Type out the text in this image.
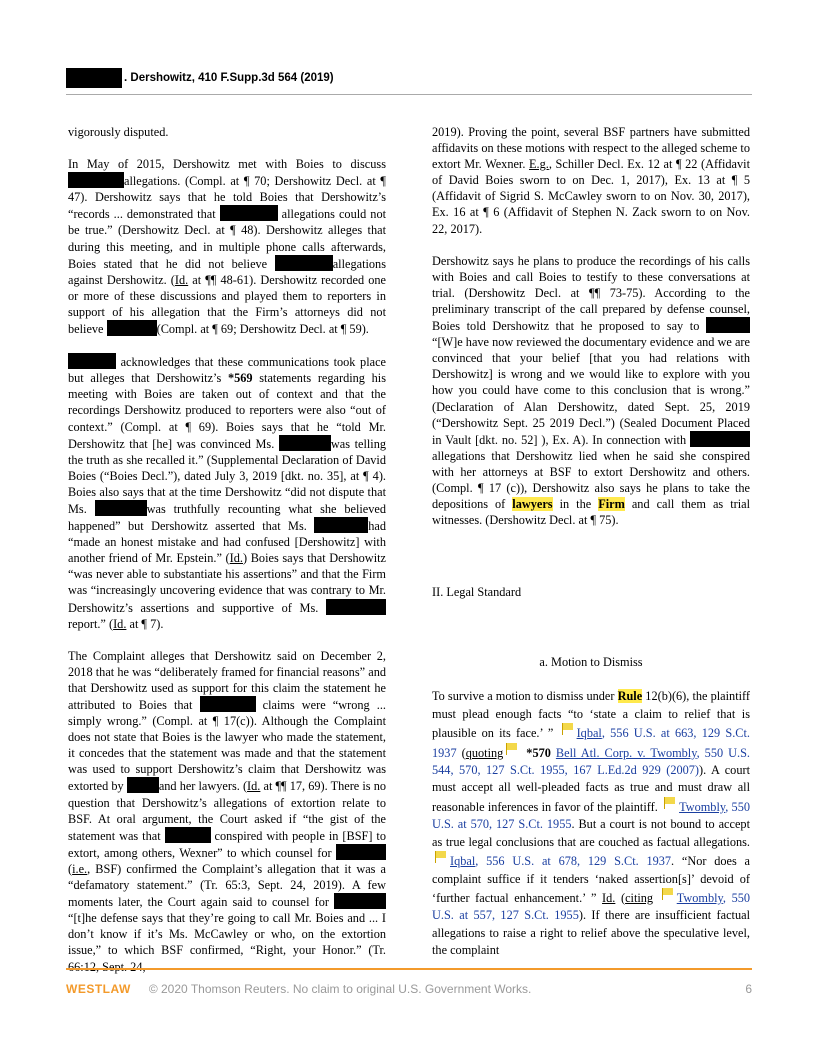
. Dershowitz, 410 F.Supp.3d 564 (2019)

vigorously disputed.

In May of 2015, Dershowitz met with Boies to discuss allegations. (Compl. at ¶ 70; Dershowitz Decl. at ¶ 47). Dershowitz says that he told Boies that Dershowitz’s “records ... demonstrated that	allegations could not be true.” (Dershowitz Decl. at ¶ 48). Dershowitz alleges that during this meeting, and in multiple phone calls afterwards, Boies stated that he did not believe	allegations against Dershowitz. (Id. at ¶¶ 48-61). Dershowitz recorded one or more of these discussions and played them to reporters in support of his allegation that the Firm’s attorneys did not believe	(Compl. at ¶ 69; Dershowitz Decl. at ¶ 59).

acknowledges that these communications took place but alleges that Dershowitz’s *569 statements regarding his meeting with Boies are taken out of context and that the recordings Dershowitz produced to reporters were also “out of context.” (Compl. at ¶ 69). Boies says that he “told Mr. Dershowitz that [he] was convinced Ms.	was telling the truth as she recalled it.” (Supplemental Declaration of David Boies (“Boies Decl.”), dated July 3, 2019 [dkt. no. 35], at ¶ 4). Boies also says that at the time Dershowitz “did not dispute that Ms.	was truthfully recounting what she believed happened” but Dershowitz asserted that Ms.	had “made an honest mistake and had confused [Dershowitz] with another friend of Mr. Epstein.” (Id.) Boies says that Dershowitz “was never able to substantiate his assertions” and that the Firm was “increasingly uncovering evidence that was contrary to Mr. Dershowitz’s assertions and supportive of Ms. report.” (Id. at ¶ 7).

The Complaint alleges that Dershowitz said on December 2, 2018 that he was “deliberately framed for financial reasons” and that Dershowitz used as support for this claim the statement he attributed to Boies that	claims were “wrong ... simply wrong.” (Compl. at ¶ 17(c)). Although the Complaint does not state that Boies is the lawyer who made the statement, it concedes that the statement was made and that the statement was used to support Dershowitz’s claim that Dershowitz was extorted by	and her lawyers. (Id. at ¶¶ 17, 69). There is no question that Dershowitz’s allegations of extortion relate to BSF. At oral argument, the Court asked if “the gist of the statement was that	conspired with people in [BSF] to extort, among others, Wexner” to which counsel for  (i.e., BSF) confirmed the Complaint’s allegation that it was a “defamatory statement.” (Tr. 65:3, Sept. 24, 2019). A few moments later, the Court again said to counsel for “[t]he defense says that they’re going to call Mr. Boies and ... I don’t know if it’s Ms. McCawley or who, on the extortion issue,” to which BSF confirmed, “Right, your Honor.” (Tr. 66:12, Sept. 24,

2019). Proving the point, several BSF partners have submitted affidavits on these motions with respect to the alleged scheme to extort Mr. Wexner. E.g., Schiller Decl. Ex. 12 at ¶ 22 (Affidavit of David Boies sworn to on Dec. 1, 2017), Ex. 13 at ¶ 5 (Affidavit of Sigrid S. McCawley sworn to on Nov. 30, 2017), Ex. 16 at ¶ 6 (Affidavit of Stephen N. Zack sworn to on Nov. 22, 2017).

Dershowitz says he plans to produce the recordings of his calls with Boies and call Boies to testify to these conversations at trial. (Dershowitz Decl. at ¶¶ 73-75). According to the preliminary transcript of the call prepared by defense counsel, Boies told Dershowitz that he proposed to say to  “[W]e have now reviewed the documentary evidence and we are convinced that your belief [that you had relations with Dershowitz] is wrong and we would like to explore with you how you could have come to this conclusion that is wrong.” (Declaration of Alan Dershowitz, dated Sept. 25, 2019 (“Dershowitz Sept. 25 2019 Decl.”) (Sealed Document Placed in Vault [dkt. no. 52] ), Ex. A). In connection with  allegations that Dershowitz lied when he said she conspired with her attorneys at BSF to extort Dershowitz and others. (Compl. ¶ 17 (c)), Dershowitz also says he plans to take the depositions of lawyers in the Firm and call them as trial witnesses. (Dershowitz Decl. at ¶ 75).

II. Legal Standard

a. Motion to Dismiss

To survive a motion to dismiss under Rule 12(b)(6), the plaintiff must plead enough facts “to ‘state a claim to relief that is plausible on its face.’ ” Iqbal, 556 U.S. at 663, 129 S.Ct. 1937 (quoting *570 Bell Atl. Corp. v. Twombly, 550 U.S. 544, 570, 127 S.Ct. 1955, 167 L.Ed.2d 929 (2007)). A court must accept all well-pleaded facts as true and must draw all reasonable inferences in favor of the plaintiff. Twombly, 550 U.S. at 570, 127 S.Ct. 1955. But a court is not bound to accept as true legal conclusions that are couched as factual allegations. Iqbal, 556 U.S. at 678, 129 S.Ct. 1937. “Nor does a complaint suffice if it tenders ‘naked assertion[s]’ devoid of ‘further factual enhancement.’ ” Id. (citing Twombly, 550 U.S. at 557, 127 S.Ct. 1955). If there are insufficient factual allegations to raise a right to relief above the speculative level, the complaint

WESTLAW © 2020 Thomson Reuters. No claim to original U.S. Government Works.	6
